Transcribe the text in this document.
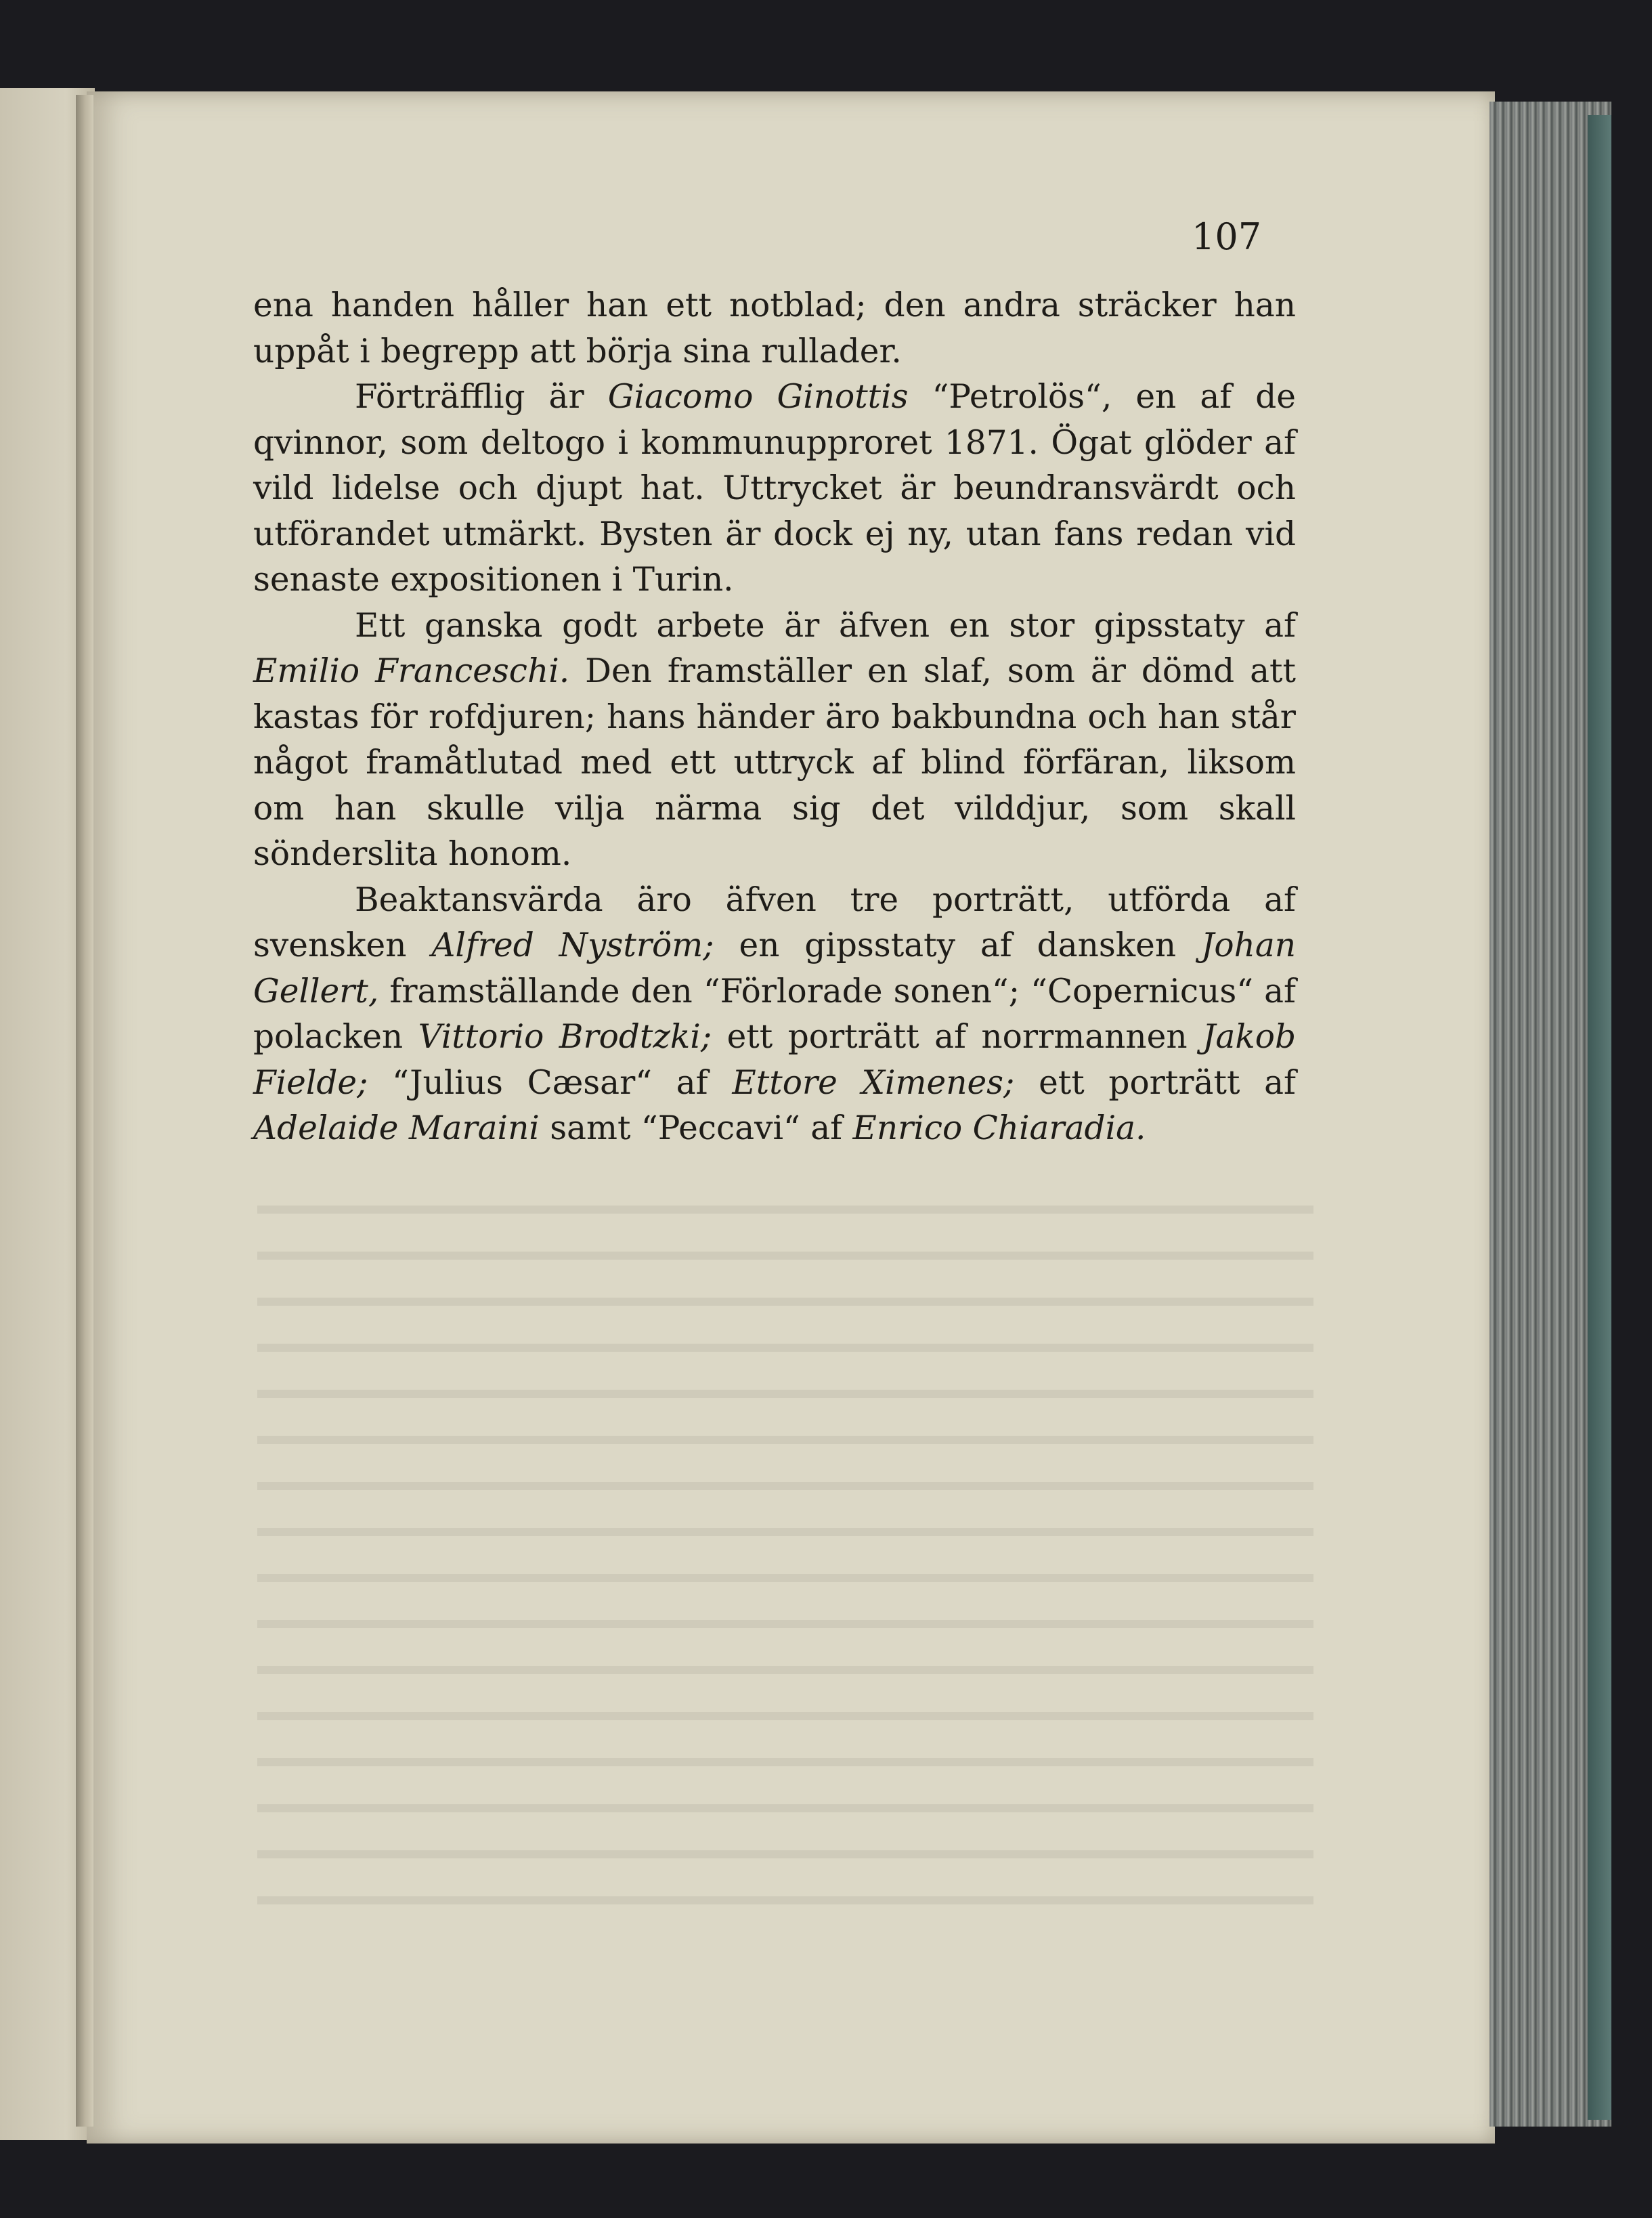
107

ena handen håller han ett notblad; den andra sträcker han uppåt i begrepp att börja sina rullader.

Förträfflig är Giacomo Ginottis “Petrolös“, en af de qvinnor, som deltogo i kommunupproret 1871. Ögat glöder af vild lidelse och djupt hat. Uttrycket är beundransvärdt och utförandet utmärkt. Bysten är dock ej ny, utan fans redan vid senaste expositionen i Turin.

Ett ganska godt arbete är äfven en stor gipsstaty af Emilio Franceschi. Den framställer en slaf, som är dömd att kastas för rofdjuren; hans händer äro bakbundna och han står något framåtlutad med ett uttryck af blind förfäran, liksom om han skulle vilja närma sig det vilddjur, som skall sönderslita honom.

Beaktansvärda äro äfven tre porträtt, utförda af svensken Alfred Nyström; en gipsstaty af dansken Johan Gellert, framställande den “Förlorade sonen“; “Copernicus“ af polacken Vittorio Brodtzki; ett porträtt af norrmannen Jakob Fielde; “Julius Cæsar“ af Ettore Ximenes; ett porträtt af Adelaide Maraini samt “Peccavi“ af Enrico Chiaradia.
